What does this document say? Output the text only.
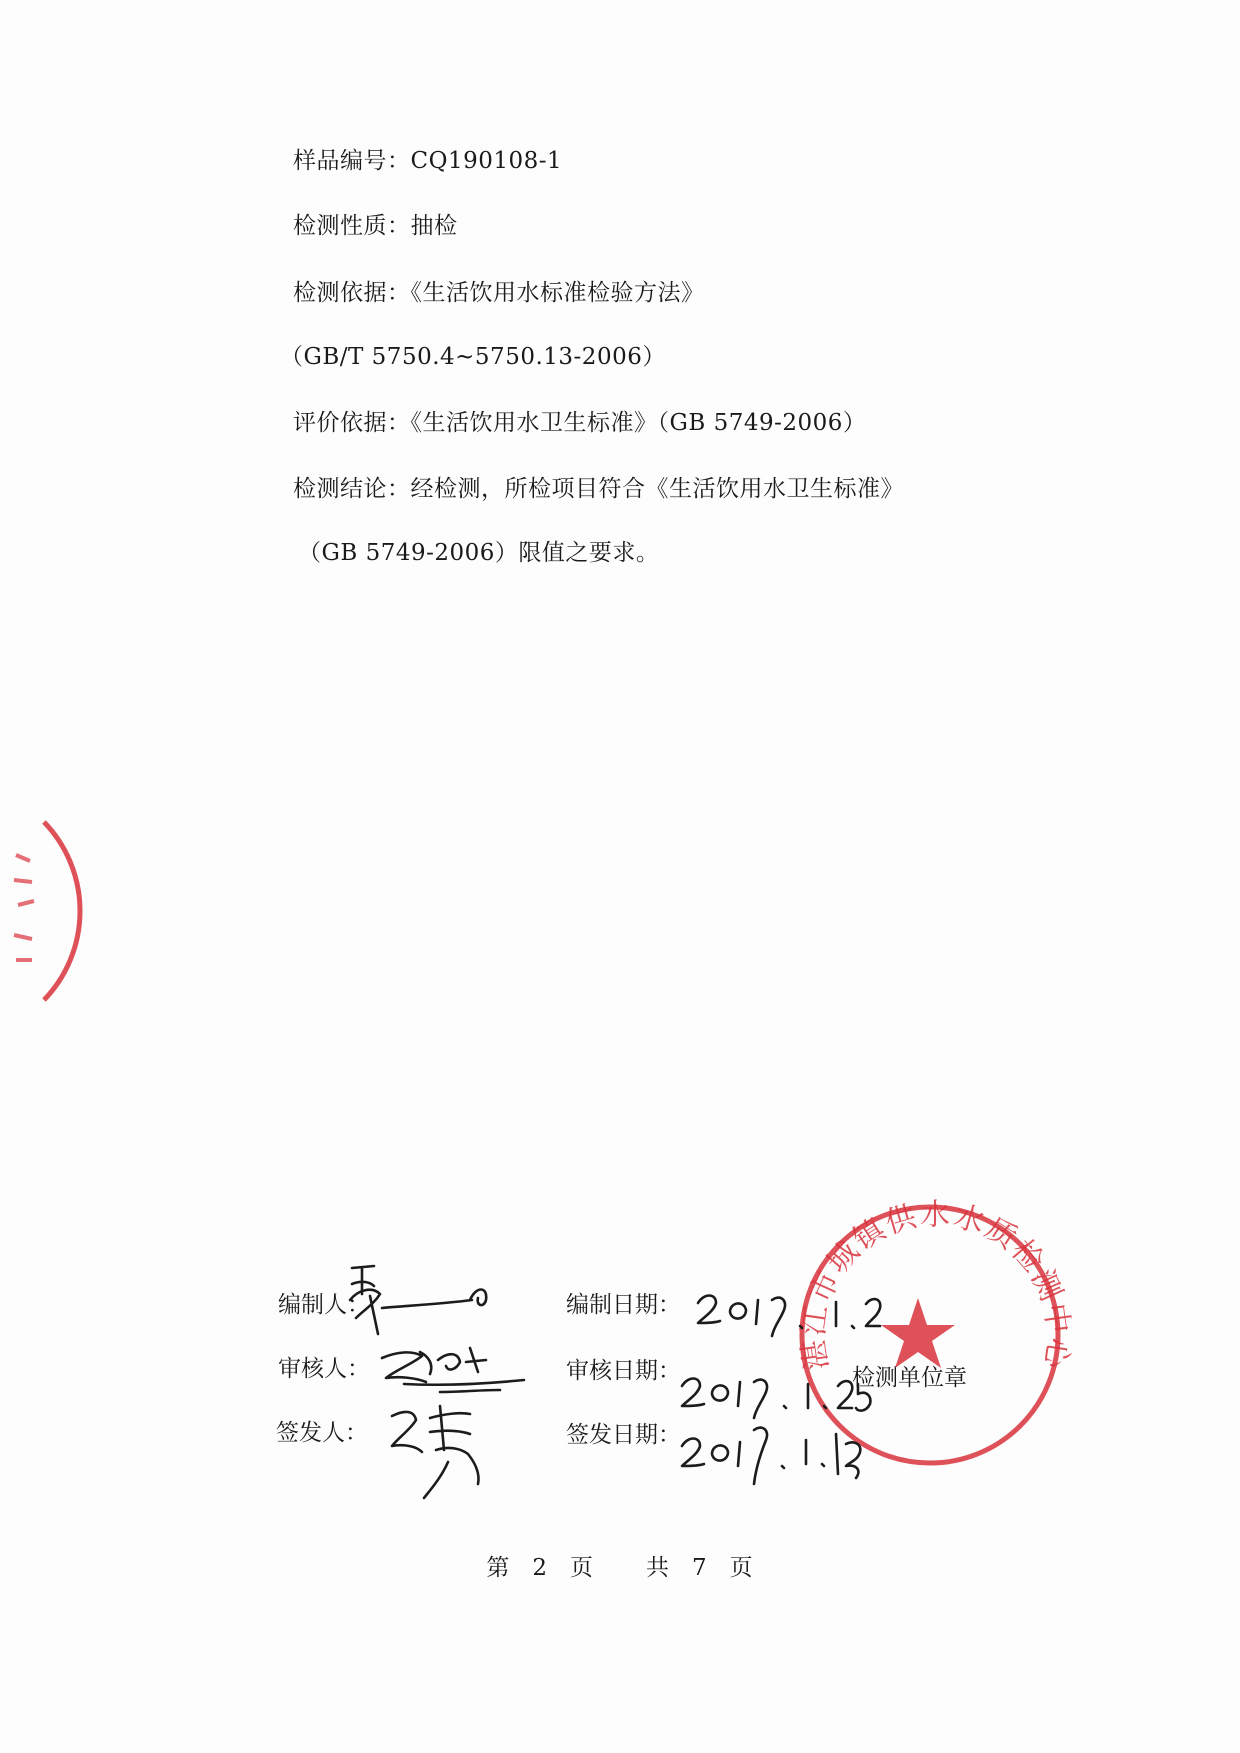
样品编号：CQ190108-1
检测性质：抽检
检测依据：《生活饮用水标准检验方法》
（GB/T 5750.4~5750.13-2006）
评价依据：《生活饮用水卫生标准》（GB 5749-2006）
检测结论：经检测，所检项目符合《生活饮用水卫生标准》
（GB 5749-2006）限值之要求。
编制人：	编制日期：
审核人：	审核日期：	检测单位章
签发人：	签发日期：
第 2 页 共 7 页
湛江市城镇供水水质检测中心
